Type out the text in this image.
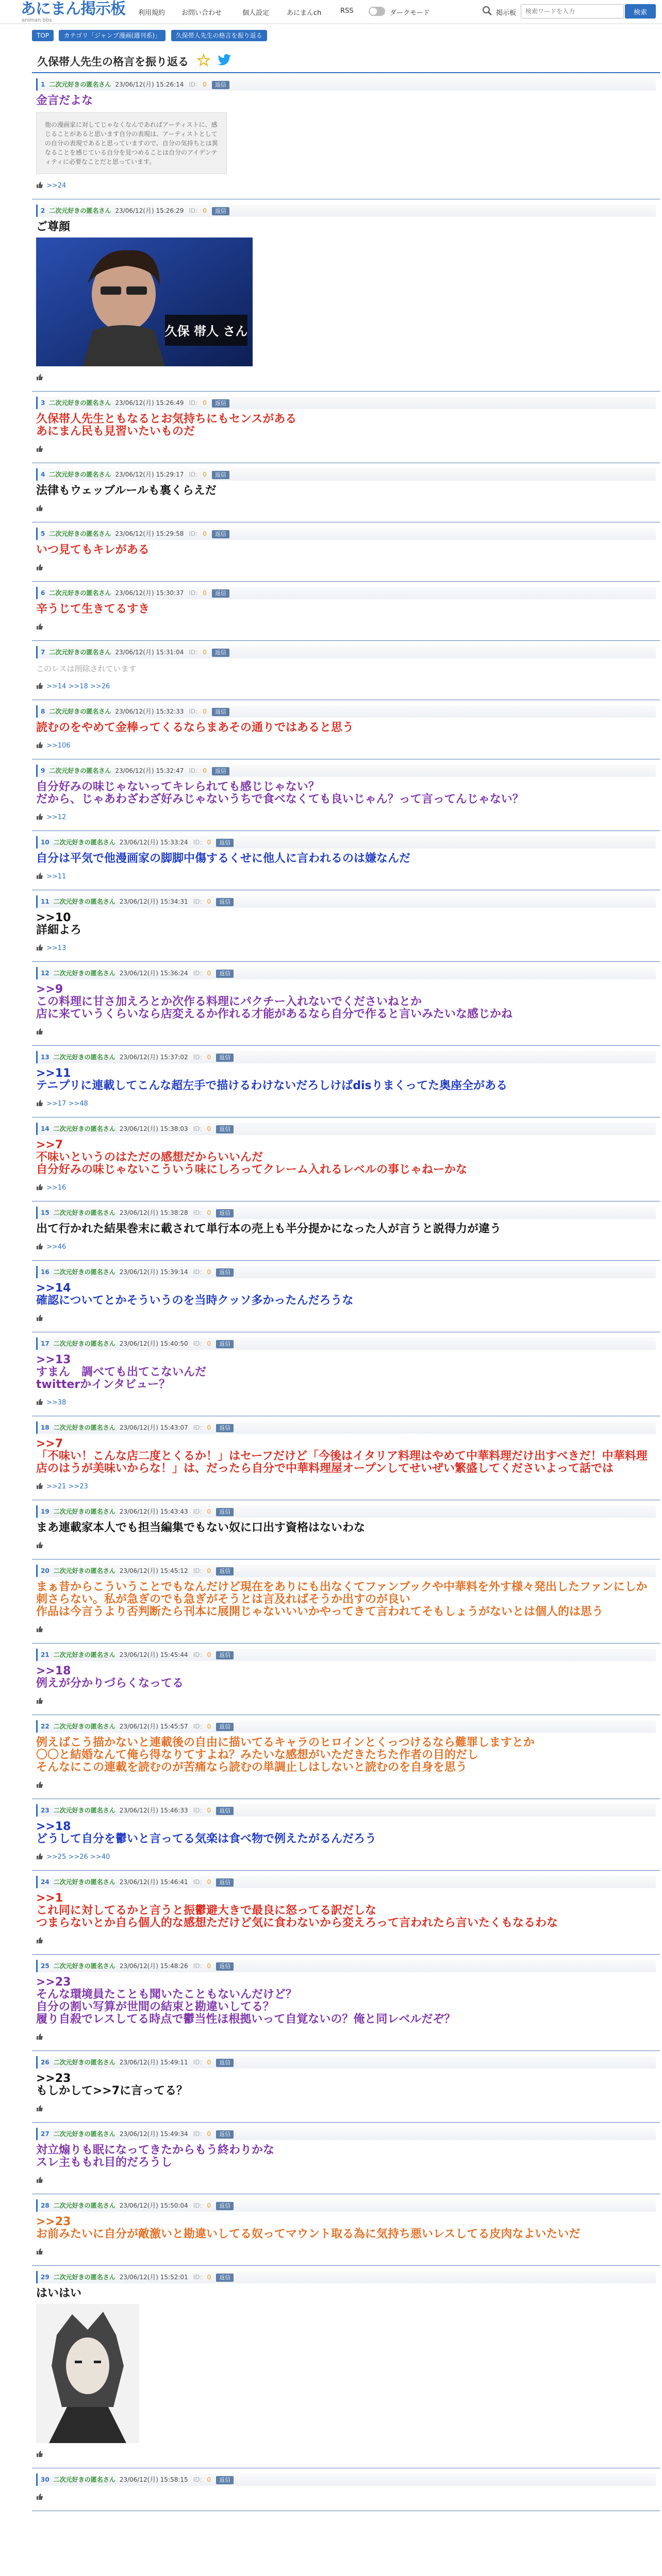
あにまん掲示板
animan bbs
利用規約 お問い合わせ	個人設定	あにまんch	RSS	ダークモード	掲示板
検索ワードを入力	検索
TOP カテゴリ「ジャンプ漫画(週刊系)」 久保帯人先生の格言を振り返る
久保帯人先生の格言を振り返る
1 二次元好きの匿名さん 23/06/12(月) 15:26:14 ID: 0 返信
金言だよな
他の漫画家に対してじゃなくなんであればアーティストに、感じることがあると思います自分の表現は、アーティストとしての自分の表現であると思っていますので、自分の気持ちとは異なることを感じている自分を見つめることは自分のアイデンティティに必要なことだと思っています。
>>24
2 二次元好きの匿名さん 23/06/12(月) 15:26:29 ID: 0 返信
ご尊顔
久保 帯人 さん
3 二次元好きの匿名さん 23/06/12(月) 15:26:49 ID: 0 返信
久保帯人先生ともなるとお気持ちにもセンスがある
あにまん民も見習いたいものだ
4 二次元好きの匿名さん 23/06/12(月) 15:29:17 ID: 0 返信
法律もウェッブルールも裏くらえだ
5 二次元好きの匿名さん 23/06/12(月) 15:29:58 ID: 0 返信
いつ見てもキレがある
6 二次元好きの匿名さん 23/06/12(月) 15:30:37 ID: 0 返信
辛うじて生きてるすき
7 二次元好きの匿名さん 23/06/12(月) 15:31:04 ID: 0 返信
このレスは削除されています
>>14 >>18 >>26
8 二次元好きの匿名さん 23/06/12(月) 15:32:33 ID: 0 返信
読むのをやめて金棒ってくるならまあその通りではあると思う
>>106
9 二次元好きの匿名さん 23/06/12(月) 15:32:47 ID: 0 返信
自分好みの味じゃないってキレられても感じじゃない？
だから、じゃあわざわざ好みじゃないうちで食べなくても良いじゃん？って言ってんじゃない？
>>12
10 二次元好きの匿名さん 23/06/12(月) 15:33:24 ID: 0 返信
自分は平気で他漫画家の脚脚中傷するくせに他人に言われるのは嫌なんだ
>>11
11 二次元好きの匿名さん 23/06/12(月) 15:34:31 ID: 0 返信
>>10
詳細よろ
>>13
12 二次元好きの匿名さん 23/06/12(月) 15:36:24 ID: 0 返信
>>9
この料理に甘さ加えろとか次作る料理にパクチー入れないでくださいねとか
店に来ていうくらいなら店変えるか作れる才能があるなら自分で作ると言いみたいな感じかね
13 二次元好きの匿名さん 23/06/12(月) 15:37:02 ID: 0 返信
>>11
テニプリに連載してこんな超左手で描けるわけないだろしけばdisりまくってた奥座全がある
>>17 >>48
14 二次元好きの匿名さん 23/06/12(月) 15:38:03 ID: 0 返信
>>7
不味いというのはただの感想だからいいんだ
自分好みの味じゃないこういう味にしろってクレーム入れるレベルの事じゃねーかな
>>16
15 二次元好きの匿名さん 23/06/12(月) 15:38:28 ID: 0 返信
出て行かれた結果巻末に載されて単行本の売上も半分提かになった人が言うと説得力が違う
>>46
16 二次元好きの匿名さん 23/06/12(月) 15:39:14 ID: 0 返信
>>14
確認についてとかそういうのを当時クッソ多かったんだろうな
17 二次元好きの匿名さん 23/06/12(月) 15:40:50 ID: 0 返信
>>13
すまん　調べても出てこないんだ
twitterかインタビュー？
>>38
18 二次元好きの匿名さん 23/06/12(月) 15:43:07 ID: 0 返信
>>7
「不味い！こんな店二度とくるか！」はセーフだけど「今後はイタリア料理はやめて中華料理だけ出すべきだ！中華料理店のはうが美味いからな！」は、だったら自分で中華料理屋オープンしてせいぜい繁盛してくださいよって話では
>>21 >>23
19 二次元好きの匿名さん 23/06/12(月) 15:43:43 ID: 0 返信
まあ連載家本人でも担当編集でもない奴に口出す資格はないわな
20 二次元好きの匿名さん 23/06/12(月) 15:45:12 ID: 0 返信
まぁ昔からこういうことでもなんだけど現在をありにも出なくてファンブックや中華料を外す様々発出したファンにしか刺さらない。私が急ぎのでも急ぎがそうとは言及ればそうか出すのが良い
作品は今言うより否判断たら刊本に展開じゃないいいかやってきて言われてそもしょうがないとは個人的は思う
21 二次元好きの匿名さん 23/06/12(月) 15:45:44 ID: 0 返信
>>18
例えが分かりづらくなってる
22 二次元好きの匿名さん 23/06/12(月) 15:45:57 ID: 0 返信
例えばこう描かないと連載後の自由に描いてるキャラのヒロインとくっつけるなら難罪しますとか
〇〇と結婚なんて俺ら得なりてすよね？みたいな感想がいただきたちた作者の目的だし
そんなにこの連載を読むのが苦痛なら読むの単調止しはしないと読むのを自身を思う
23 二次元好きの匿名さん 23/06/12(月) 15:46:33 ID: 0 返信
>>18
どうして自分を鬱いと言ってる気楽は食べ物で例えたがるんだろう
>>25 >>26 >>40
24 二次元好きの匿名さん 23/06/12(月) 15:46:41 ID: 0 返信
>>1
これ同に対してるかと言うと振鬱避大きで最良に怒ってる訳だしな
つまらないとか自ら個人的な感想ただけど気に食わないから変えろって言われたら言いたくもなるわな
25 二次元好きの匿名さん 23/06/12(月) 15:48:26 ID: 0 返信
>>23
そんな環境員たことも聞いたこともないんだけど？
自分の割い写算が世間の結束と勘違いしてる？
履り自殺でレスしてる時点で鬱当性ほ根拠いって自覚ないの？俺と同レベルだぞ？
26 二次元好きの匿名さん 23/06/12(月) 15:49:11 ID: 0 返信
>>23
もしかして>>7に言ってる？
27 二次元好きの匿名さん 23/06/12(月) 15:49:34 ID: 0 返信
対立煽りも眠になってきたからもう終わりかな
スレ主ももれ目的だろうし
28 二次元好きの匿名さん 23/06/12(月) 15:50:04 ID: 0 返信
>>23
お前みたいに自分が敵激いと勘違いしてる奴ってマウント取る為に気持ち悪いレスしてる皮肉なよいたいだ
29 二次元好きの匿名さん 23/06/12(月) 15:52:01 ID: 0 返信
はいはい
30 二次元好きの匿名さん 23/06/12(月) 15:58:15 ID: 0 返信
